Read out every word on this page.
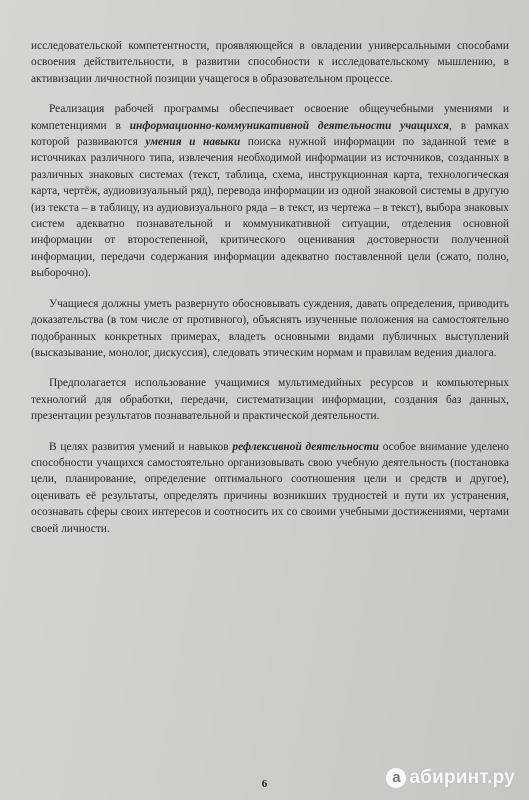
исследовательской компетентности, проявляющейся в овладении универсальными способами освоения действительности, в развитии способности к исследовательскому мышлению, в активизации личностной позиции учащегося в образовательном процессе.

Реализация рабочей программы обеспечивает освоение общеучебными умениями и компетенциями в информационно-коммуникативной деятельности учащихся, в рамках которой развиваются умения и навыки поиска нужной информации по заданной теме в источниках различного типа, извлечения необходимой информации из источников, созданных в различных знаковых системах (текст, таблица, схема, инструкционная карта, технологическая карта, чертёж, аудиовизуальный ряд), перевода информации из одной знаковой системы в другую (из текста – в таблицу, из аудиовизуального ряда – в текст, из чертежа – в текст), выбора знаковых систем адекватно познавательной и коммуникативной ситуации, отделения основной информации от второстепенной, критического оценивания достоверности полученной информации, передачи содержания информации адекватно поставленной цели (сжато, полно, выборочно).

Учащиеся должны уметь развернуто обосновывать суждения, давать определения, приводить доказательства (в том числе от противного), объяснять изученные положения на самостоятельно подобранных конкретных примерах, владеть основными видами публичных выступлений (высказывание, монолог, дискуссия), следовать этическим нормам и правилам ведения диалога.

Предполагается использование учащимися мультимедийных ресурсов и компьютерных технологий для обработки, передачи, систематизации информации, создания баз данных, презентации результатов познавательной и практической деятельности.

В целях развития умений и навыков рефлексивной деятельности особое внимание уделено способности учащихся самостоятельно организовывать свою учебную деятельность (постановка цели, планирование, определение оптимального соотношения цели и средств и другое), оценивать её результаты, определять причины возникших трудностей и пути их устранения, осознавать сферы своих интересов и соотносить их со своими учебными достижениями, чертами своей личности.

6	а абиринт.ру
